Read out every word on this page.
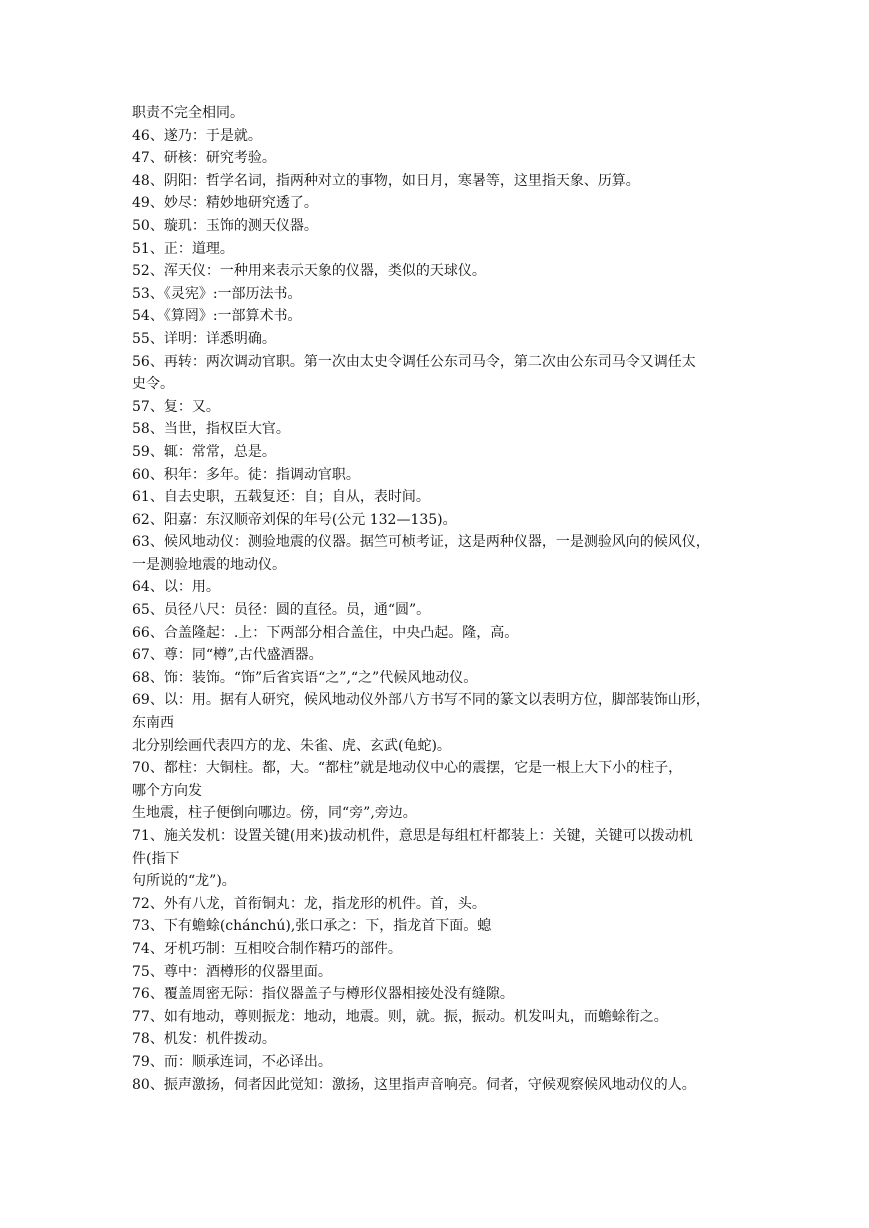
职责不完全相同。
46、遂乃：于是就。
47、研核：研究考验。
48、阴阳：哲学名词，指两种对立的事物，如日月，寒暑等，这里指天象、历算。
49、妙尽：精妙地研究透了。
50、璇玑：玉饰的测天仪器。
51、正：道理。
52、浑天仪：一种用来表示天象的仪器，类似的天球仪。
53、《灵宪》:一部历法书。
54、《算罔》:一部算术书。
55、详明：详悉明确。
56、再转：两次调动官职。第一次由太史令调任公东司马令，第二次由公东司马令又调任太
史令。
57、复：又。
58、当世，指权臣大官。
59、辄：常常，总是。
60、积年：多年。徒：指调动官职。
61、自去史职，五载复还：自；自从，表时间。
62、阳嘉：东汉顺帝刘保的年号(公元 132—135)。
63、候风地动仪：测验地震的仪器。据竺可桢考证，这是两种仪器，一是测验风向的候风仪，
一是测验地震的地动仪。
64、以：用。
65、员径八尺：员径：圆的直径。员，通“圆”。
66、合盖隆起：.上：下两部分相合盖住，中央凸起。隆，高。
67、尊：同“樽”,古代盛酒器。
68、饰：装饰。“饰”后省宾语“之”,“之”代候风地动仪。
69、以：用。据有人研究，候风地动仪外部八方书写不同的篆文以表明方位，脚部装饰山形，
东南西
北分别绘画代表四方的龙、朱雀、虎、玄武(龟蛇)。
70、都柱：大铜柱。都，大。“都柱”就是地动仪中心的震摆，它是一根上大下小的柱子，
哪个方向发
生地震，柱子便倒向哪边。傍，同“旁”,旁边。
71、施关发机：设置关键(用来)拔动机件，意思是每组杠杆都装上：关键，关键可以拨动机
件(指下
句所说的“龙”)。
72、外有八龙，首衔铜丸：龙，指龙形的机件。首，头。
73、下有蟾蜍(chánchú),张口承之：下，指龙首下面。螅
74、牙机巧制：互相咬合制作精巧的部件。
75、尊中：酒樽形的仪器里面。
76、覆盖周密无际：指仪器盖子与樽形仪器相接处没有缝隙。
77、如有地动，尊则振龙：地动，地震。则，就。振，振动。机发叫丸，而蟾蜍衔之。
78、机发：机件拨动。
79、而：顺承连词，不必译出。
80、振声激扬，伺者因此觉知：激扬，这里指声音响亮。伺者，守候观察候风地动仪的人。
